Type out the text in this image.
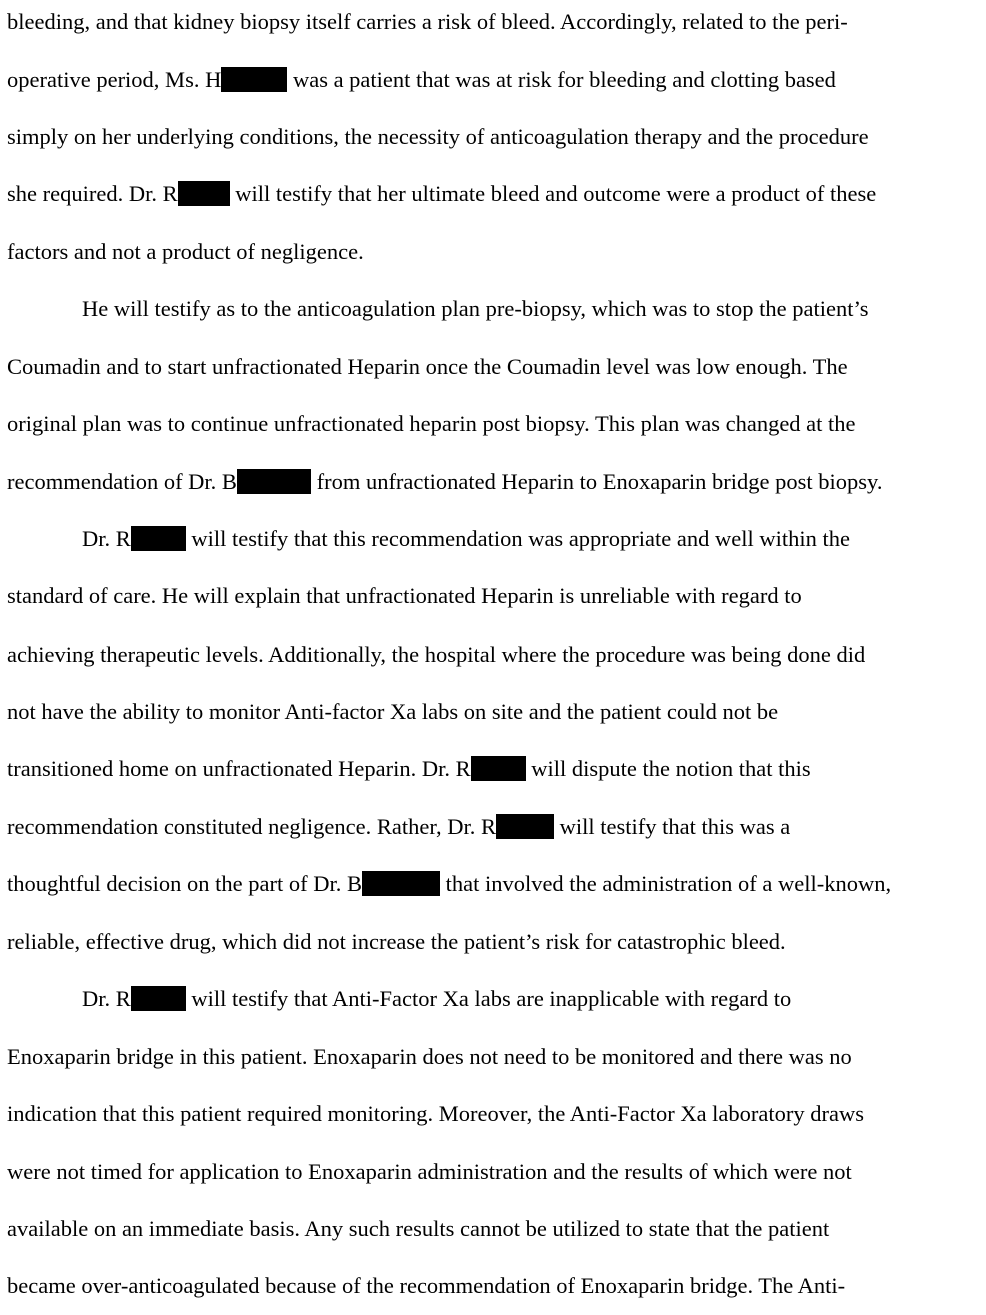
bleeding, and that kidney biopsy itself carries a risk of bleed. Accordingly, related to the peri-
operative period, Ms. H	was a patient that was at risk for bleeding and clotting based
simply on her underlying conditions, the necessity of anticoagulation therapy and the procedure
she required. Dr. R will testify that her ultimate bleed and outcome were a product of these
factors and not a product of negligence.
He will testify as to the anticoagulation plan pre-biopsy, which was to stop the patient’s
Coumadin and to start unfractionated Heparin once the Coumadin level was low enough. The
original plan was to continue unfractionated heparin post biopsy. This plan was changed at the
recommendation of Dr. B	from unfractionated Heparin to Enoxaparin bridge post biopsy.
Dr. R will testify that this recommendation was appropriate and well within the
standard of care. He will explain that unfractionated Heparin is unreliable with regard to
achieving therapeutic levels. Additionally, the hospital where the procedure was being done did
not have the ability to monitor Anti-factor Xa labs on site and the patient could not be
transitioned home on unfractionated Heparin. Dr. R will dispute the notion that this
recommendation constituted negligence. Rather, Dr. R	will testify that this was a
thoughtful decision on the part of Dr. B	that involved the administration of a well-known,
reliable, effective drug, which did not increase the patient’s risk for catastrophic bleed.
Dr. R will testify that Anti-Factor Xa labs are inapplicable with regard to
Enoxaparin bridge in this patient. Enoxaparin does not need to be monitored and there was no
indication that this patient required monitoring. Moreover, the Anti-Factor Xa laboratory draws
were not timed for application to Enoxaparin administration and the results of which were not
available on an immediate basis. Any such results cannot be utilized to state that the patient
became over-anticoagulated because of the recommendation of Enoxaparin bridge. The Anti-
